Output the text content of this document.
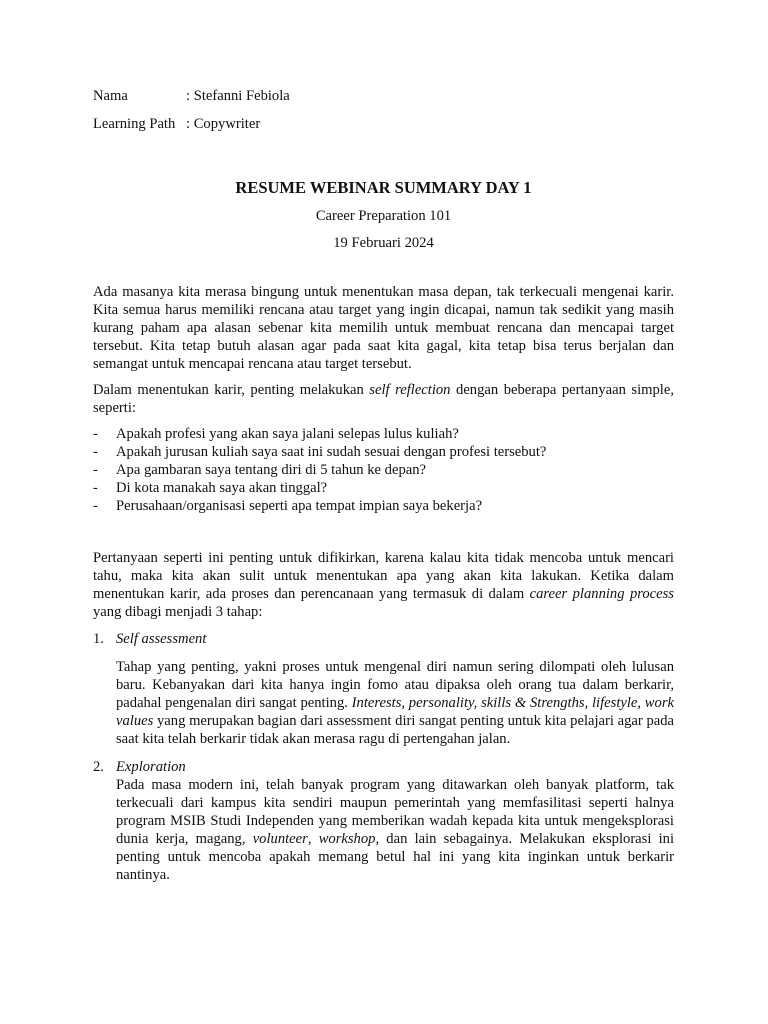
Nama	: Stefanni Febiola
Learning Path : Copywriter
RESUME WEBINAR SUMMARY DAY 1
Career Preparation 101
19 Februari 2024

Ada masanya kita merasa bingung untuk menentukan masa depan, tak terkecuali mengenai karir. Kita semua harus memiliki rencana atau target yang ingin dicapai, namun tak sedikit yang masih kurang paham apa alasan sebenar kita memilih untuk membuat rencana dan mencapai target tersebut. Kita tetap butuh alasan agar pada saat kita gagal, kita tetap bisa terus berjalan dan semangat untuk mencapai rencana atau target tersebut.

Dalam menentukan karir, penting melakukan self reflection dengan beberapa pertanyaan simple, seperti:

-	Apakah profesi yang akan saya jalani selepas lulus kuliah?
-	Apakah jurusan kuliah saya saat ini sudah sesuai dengan profesi tersebut?
-	Apa gambaran saya tentang diri di 5 tahun ke depan?
-	Di kota manakah saya akan tinggal?
-	Perusahaan/organisasi seperti apa tempat impian saya bekerja?

Pertanyaan seperti ini penting untuk difikirkan, karena kalau kita tidak mencoba untuk mencari tahu, maka kita akan sulit untuk menentukan apa yang akan kita lakukan. Ketika dalam menentukan karir, ada proses dan perencanaan yang termasuk di dalam career planning process yang dibagi menjadi 3 tahap:

1. Self assessment

Tahap yang penting, yakni proses untuk mengenal diri namun sering dilompati oleh lulusan baru. Kebanyakan dari kita hanya ingin fomo atau dipaksa oleh orang tua dalam berkarir, padahal pengenalan diri sangat penting. Interests, personality, skills & Strengths, lifestyle, work values yang merupakan bagian dari assessment diri sangat penting untuk kita pelajari agar pada saat kita telah berkarir tidak akan merasa ragu di pertengahan jalan.

2. Exploration

Pada masa modern ini, telah banyak program yang ditawarkan oleh banyak platform, tak terkecuali dari kampus kita sendiri maupun pemerintah yang memfasilitasi seperti halnya program MSIB Studi Independen yang memberikan wadah kepada kita untuk mengeksplorasi dunia kerja, magang, volunteer, workshop, dan lain sebagainya. Melakukan eksplorasi ini penting untuk mencoba apakah memang betul hal ini yang kita inginkan untuk berkarir nantinya.
